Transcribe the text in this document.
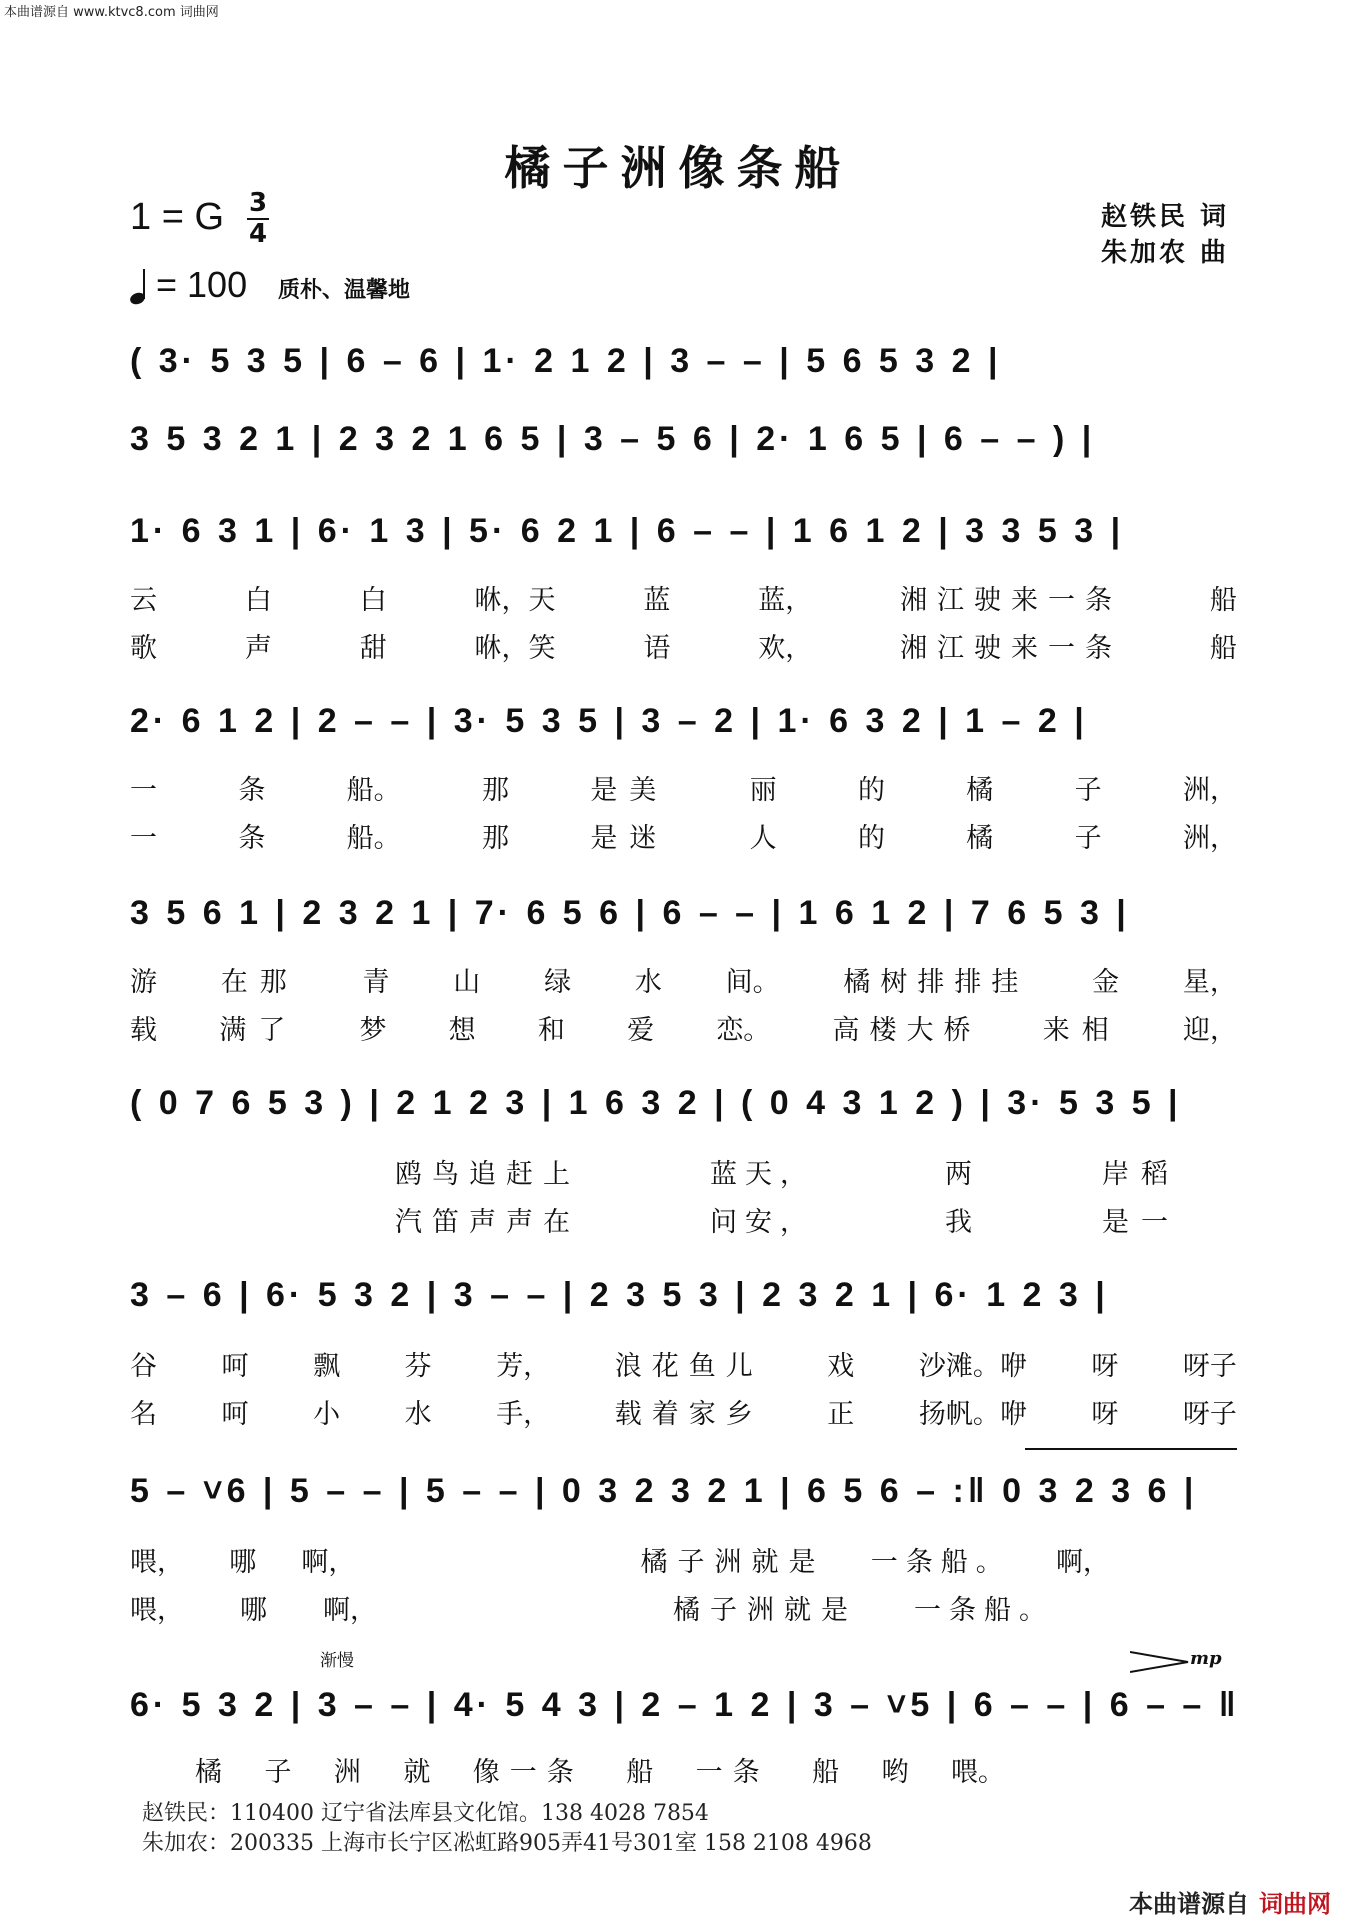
本曲谱源自 www.ktvc8.com 词曲网
橘子洲像条船
1 = G 3
4
赵铁民 词
朱加农 曲
= 100 质朴、温馨地
( 3· 5 3 5 | 6 – 6 | 1· 2 1 2 | 3 – – | 5 6 5 3 2 |
3 5 3 2 1 | 2 3 2 1 6 5 | 3 – 5 6 | 2· 1 6 5 | 6 – – ) |
1· 6 3 1 | 6· 1 3 | 5· 6 2 1 | 6 – – | 1 6 1 2 | 3 3 5 3 |
云	白	白	咻，天	蓝	蓝，	湘江驶来一条	船
歌	声	甜	咻，笑	语	欢，	湘江驶来一条	船
2· 6 1 2 | 2 – – | 3· 5 3 5 | 3 – 2 | 1· 6 3 2 | 1 – 2 |
一	条	船。	那	是美	丽	的	橘	子	洲，
一	条	船。	那	是迷	人	的	橘	子	洲，
3 5 6 1 | 2 3 2 1 | 7· 6 5 6 | 6 – – | 1 6 1 2 | 7 6 5 3 |
游 在那 青 山 绿 水 间。 橘树排排挂 金 星，
载 满了 梦 想 和 爱 恋。 高楼大桥 来相 迎，
( 0 7 6 5 3 ) | 2 1 2 3 | 1 6 3 2 | ( 0 4 3 1 2 ) | 3· 5 3 5 |
鸥鸟追赶上	蓝天，	两	岸稻
汽笛声声在	问安，	我	是一
3 – 6 | 6· 5 3 2 | 3 – – | 2 3 5 3 | 2 3 2 1 | 6· 1 2 3 |
谷 呵 飘 芬 芳， 浪花鱼儿 戏 沙滩。咿 呀 呀子
名 呵 小 水 手， 载着家乡 正 扬帆。咿 呀 呀子
5 – ˅6 | 5 – – | 5 – – | 0 3 2 3 2 1 | 6 5 6 – :‖ 0 3 2 3 6 |
喂， 哪 啊，	橘子洲就是 一条船。 啊，
喂， 哪 啊，	橘子洲就是 一条船。
渐慢	mp
6· 5 3 2 | 3 – – | 4· 5 4 3 | 2 – 1 2 | 3 – ˅5 | 6 – – | 6 – – ‖
橘 子 洲 就 像一条 船 一条 船 哟 喂。
赵铁民：110400 辽宁省法库县文化馆。138 4028 7854
朱加农：200335 上海市长宁区凇虹路905弄41号301室 158 2108 4968
本曲谱源自 词曲网
